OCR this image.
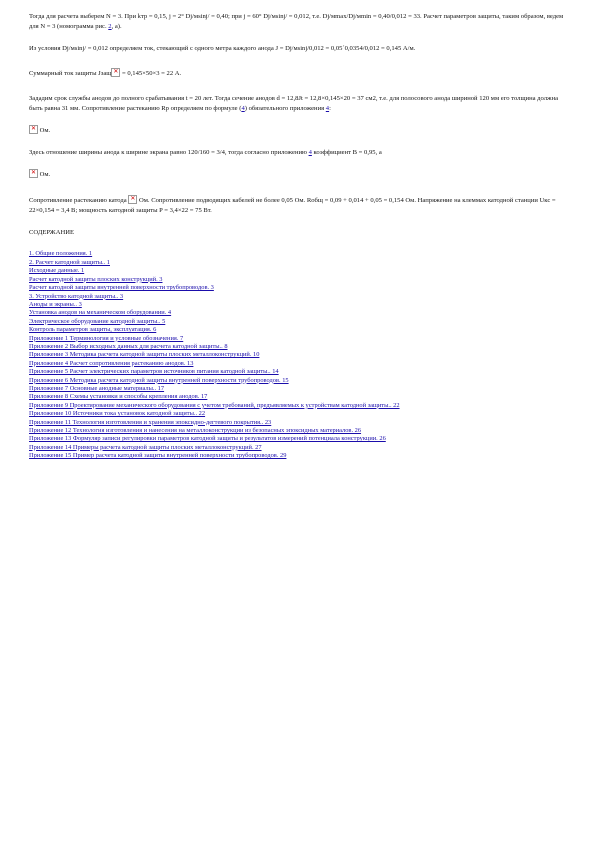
Тогда для расчета выберем N = 3. При kтр = 0,15, j = 2° Dj/мsinj/ = 0,40; при j = 60° Dj/мsinj/ = 0,012, т.е. Dj/мmax/Dj/мmin = 0,40/0,012 = 33. Расчет параметров защиты, таким образом, ведем для N = 3 (номограмма рис. 2, а).

Из условия Dj/мsinj/ = 0,012 определяем ток, стекающий с одного метра каждого анода J = Dj/мsinj/0,012 = 0,05´0,0354/0,012 = 0,145 А/м.

Суммарный ток защиты Jзащ✕ = 0,145×50×3 = 22 А.

Зададим срок службы анодов до полного срабатывания t = 20 лет. Тогда сечение анодов d = 12,8Jt = 12,8×0,145×20 = 37 см2, т.е. для полосового анода шириной 120 мм его толщина должна быть равна 31 мм. Сопротивление растеканию Rp определяем по формуле (4) обязательного приложения 4:

✕ Ом.

Здесь отношение ширины анода к ширине экрана равно 120/160 = 3/4, тогда согласно приложению 4 коэффициент B = 0,95, а

✕ Ом.

Сопротивление растеканию катода ✕ Ом. Сопротивление подводящих кабелей не более 0,05 Ом. Rобщ = 0,09 + 0,014 + 0,05 = 0,154 Ом. Напряжение на клеммах катодной станции Uкс = 22×0,154 = 3,4 В; мощность катодной защиты P = 3,4×22 = 75 Вт.

СОДЕРЖАНИЕ

1. Общие положения. 1
2. Расчет катодной защиты.. 1
Исходные данные. 1
Расчет катодной защиты плоских конструкций. 3
Расчет катодной защиты внутренней поверхности трубопроводов. 3
3. Устройство катодной защиты.. 3
Аноды и экраны.. 3
Установка анодов на механическом оборудовании. 4
Электрическое оборудование катодной защиты.. 5
Контроль параметров защиты, эксплуатация. 6
Приложение 1 Терминология и условные обозначения. 7
Приложение 2 Выбор исходных данных для расчета катодной защиты.. 8
Приложение 3 Методика расчета катодной защиты плоских металлоконструкций. 10
Приложение 4 Расчет сопротивления растеканию анодов. 13
Приложение 5 Расчет электрических параметров источников питания катодной защиты.. 14
Приложение 6 Методика расчета катодной защиты внутренней поверхности трубопроводов. 15
Приложение 7 Основные анодные материалы.. 17
Приложение 8 Схемы установки и способы крепления анодов. 17
Приложение 9 Проектирование механического оборудования с учетом требований, предъявляемых к устройствам катодной защиты.. 22
Приложение 10 Источники тока установок катодной защиты.. 22
Приложение 11 Технология изготовления и хранения эпоксидно-дегтевого покрытия.. 23
Приложение 12 Технология изготовления и нанесения на металлоконструкции из безопасных эпоксидных материалов. 26
Приложение 13 Формуляр записи регулировки параметров катодной защиты и результатов измерений потенциала конструкции. 26
Приложение 14 Примеры расчета катодной защиты плоских металлоконструкций. 27
Приложение 15 Пример расчета катодной защиты внутренней поверхности трубопроводов. 29
